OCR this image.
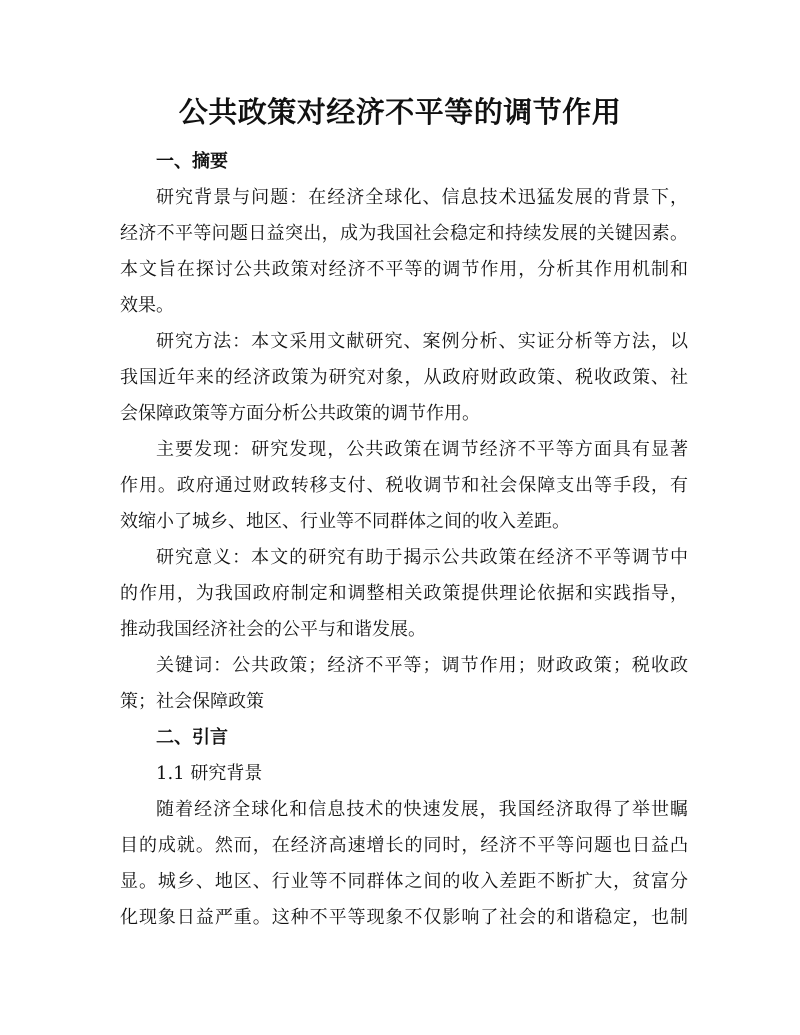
公共政策对经济不平等的调节作用
一、摘要
研究背景与问题：在经济全球化、信息技术迅猛发展的背景下，
经济不平等问题日益突出，成为我国社会稳定和持续发展的关键因素。
本文旨在探讨公共政策对经济不平等的调节作用，分析其作用机制和
效果。
研究方法：本文采用文献研究、案例分析、实证分析等方法，以
我国近年来的经济政策为研究对象，从政府财政政策、税收政策、社
会保障政策等方面分析公共政策的调节作用。
主要发现：研究发现，公共政策在调节经济不平等方面具有显著
作用。政府通过财政转移支付、税收调节和社会保障支出等手段，有
效缩小了城乡、地区、行业等不同群体之间的收入差距。
研究意义：本文的研究有助于揭示公共政策在经济不平等调节中
的作用，为我国政府制定和调整相关政策提供理论依据和实践指导，
推动我国经济社会的公平与和谐发展。
关键词：公共政策；经济不平等；调节作用；财政政策；税收政
策；社会保障政策
二、引言
1.1 研究背景
随着经济全球化和信息技术的快速发展，我国经济取得了举世瞩
目的成就。然而，在经济高速增长的同时，经济不平等问题也日益凸
显。城乡、地区、行业等不同群体之间的收入差距不断扩大，贫富分
化现象日益严重。这种不平等现象不仅影响了社会的和谐稳定，也制
